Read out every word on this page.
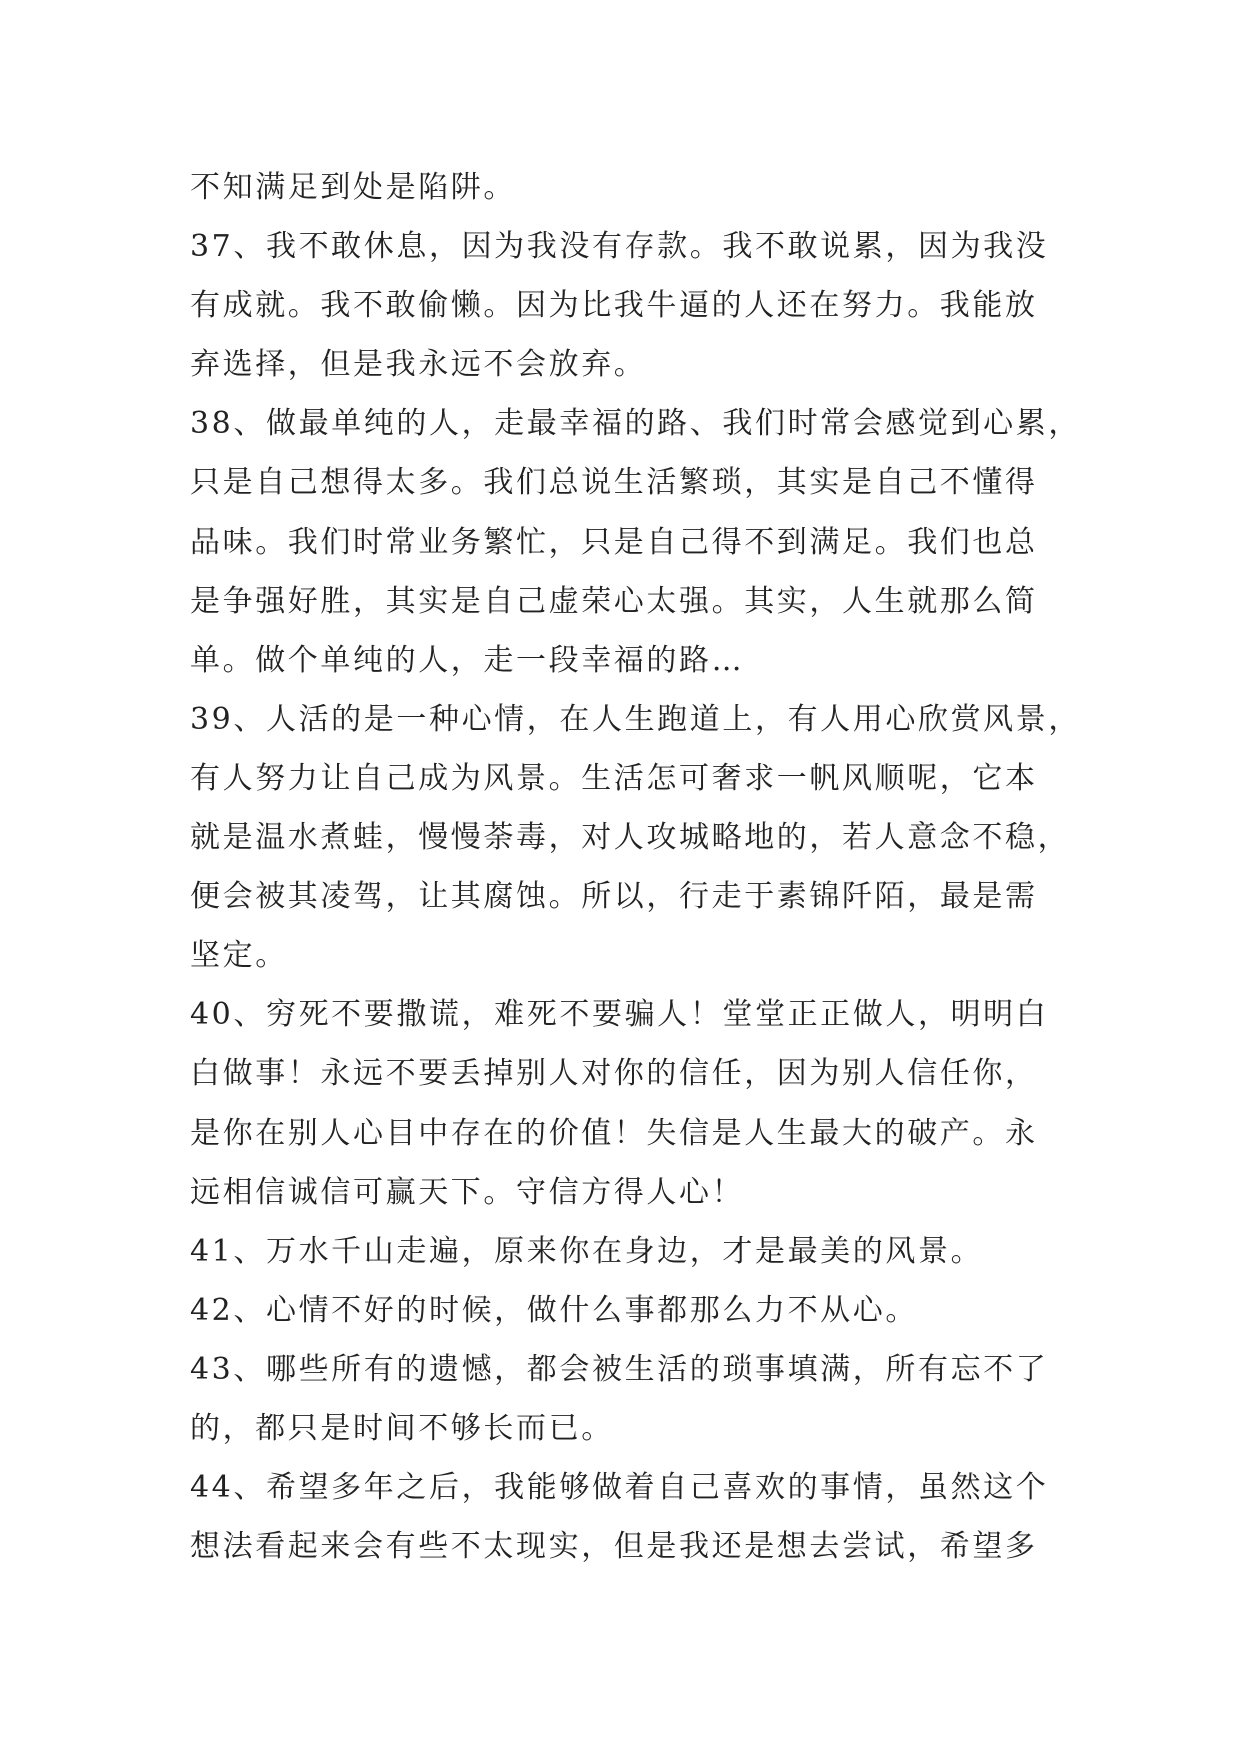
不知满足到处是陷阱。
37、我不敢休息，因为我没有存款。我不敢说累，因为我没
有成就。我不敢偷懒。因为比我牛逼的人还在努力。我能放
弃选择，但是我永远不会放弃。
38、做最单纯的人，走最幸福的路、我们时常会感觉到心累，
只是自己想得太多。我们总说生活繁琐，其实是自己不懂得
品味。我们时常业务繁忙，只是自己得不到满足。我们也总
是争强好胜，其实是自己虚荣心太强。其实，人生就那么简
单。做个单纯的人，走一段幸福的路…
39、人活的是一种心情，在人生跑道上，有人用心欣赏风景，
有人努力让自己成为风景。生活怎可奢求一帆风顺呢，它本
就是温水煮蛙，慢慢荼毒，对人攻城略地的，若人意念不稳，
便会被其凌驾，让其腐蚀。所以，行走于素锦阡陌，最是需
坚定。
40、穷死不要撒谎，难死不要骗人！堂堂正正做人，明明白
白做事！永远不要丢掉别人对你的信任，因为别人信任你，
是你在别人心目中存在的价值！失信是人生最大的破产。永
远相信诚信可赢天下。守信方得人心！
41、万水千山走遍，原来你在身边，才是最美的风景。
42、心情不好的时候，做什么事都那么力不从心。
43、哪些所有的遗憾，都会被生活的琐事填满，所有忘不了
的，都只是时间不够长而已。
44、希望多年之后，我能够做着自己喜欢的事情，虽然这个
想法看起来会有些不太现实，但是我还是想去尝试，希望多
